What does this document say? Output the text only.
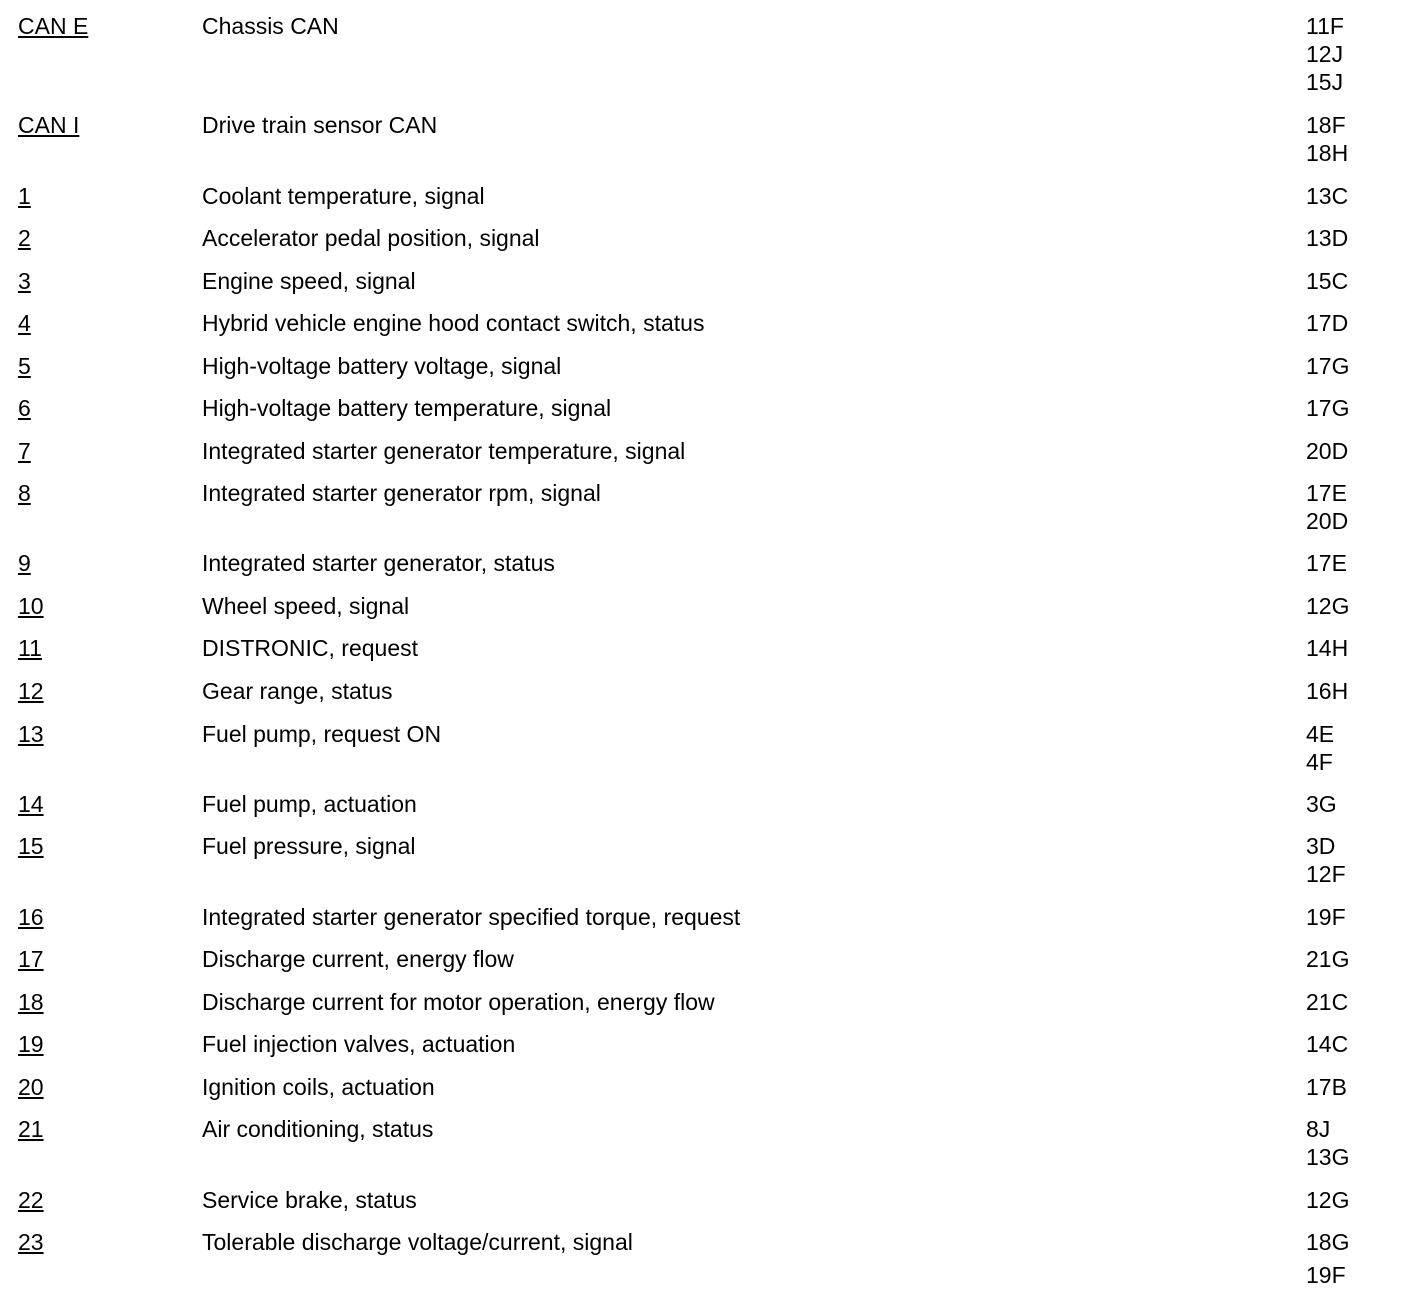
CAN E	Chassis CAN	11F
12J
15J
CAN I	Drive train sensor CAN	18F
18H
1	Coolant temperature, signal	13C
2	Accelerator pedal position, signal	13D
3	Engine speed, signal	15C
4	Hybrid vehicle engine hood contact switch, status	17D
5	High-voltage battery voltage, signal	17G
6	High-voltage battery temperature, signal	17G
7	Integrated starter generator temperature, signal	20D
8	Integrated starter generator rpm, signal	17E
20D
9	Integrated starter generator, status	17E
10	Wheel speed, signal	12G
11	DISTRONIC, request	14H
12	Gear range, status	16H
13	Fuel pump, request ON	4E
4F
14	Fuel pump, actuation	3G
15	Fuel pressure, signal	3D
12F
16	Integrated starter generator specified torque, request	19F
17	Discharge current, energy flow	21G
18	Discharge current for motor operation, energy flow	21C
19	Fuel injection valves, actuation	14C
20	Ignition coils, actuation	17B
21	Air conditioning, status	8J
13G
22	Service brake, status	12G
23	Tolerable discharge voltage/current, signal	18G
19F
